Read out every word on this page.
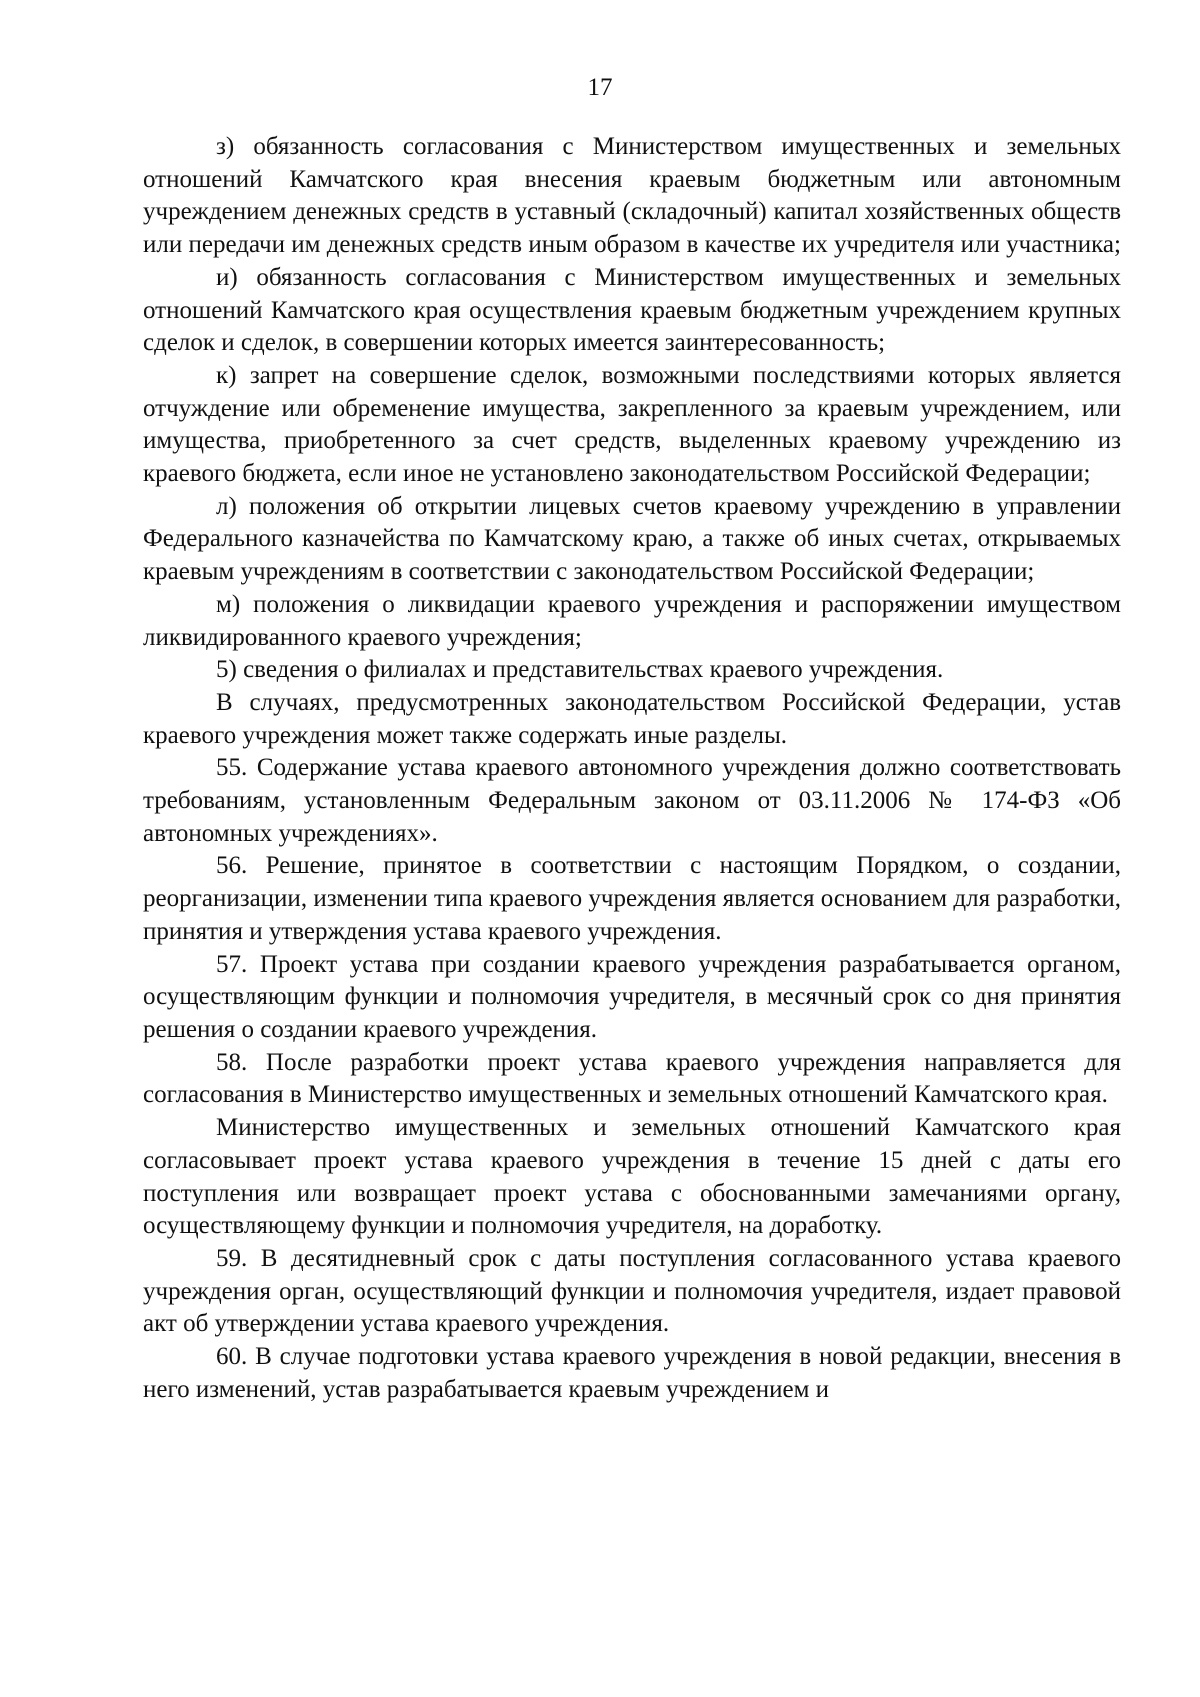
17

з) обязанность согласования с Министерством имущественных и земельных отношений Камчатского края внесения краевым бюджетным или автономным учреждением денежных средств в уставный (складочный) капитал хозяйственных обществ или передачи им денежных средств иным образом в качестве их учредителя или участника;

и) обязанность согласования с Министерством имущественных и земельных отношений Камчатского края осуществления краевым бюджетным учреждением крупных сделок и сделок, в совершении которых имеется заинтересованность;

к) запрет на совершение сделок, возможными последствиями которых является отчуждение или обременение имущества, закрепленного за краевым учреждением, или имущества, приобретенного за счет средств, выделенных краевому учреждению из краевого бюджета, если иное не установлено законодательством Российской Федерации;

л) положения об открытии лицевых счетов краевому учреждению в управлении Федерального казначейства по Камчатскому краю, а также об иных счетах, открываемых краевым учреждениям в соответствии с законодательством Российской Федерации;

м) положения о ликвидации краевого учреждения и распоряжении имуществом ликвидированного краевого учреждения;

5) сведения о филиалах и представительствах краевого учреждения.

В случаях, предусмотренных законодательством Российской Федерации, устав краевого учреждения может также содержать иные разделы.

55. Содержание устава краевого автономного учреждения должно соответствовать требованиям, установленным Федеральным законом от 03.11.2006 № 174-ФЗ «Об автономных учреждениях».

56. Решение, принятое в соответствии с настоящим Порядком, о создании, реорганизации, изменении типа краевого учреждения является основанием для разработки, принятия и утверждения устава краевого учреждения.

57. Проект устава при создании краевого учреждения разрабатывается органом, осуществляющим функции и полномочия учредителя, в месячный срок со дня принятия решения о создании краевого учреждения.

58. После разработки проект устава краевого учреждения направляется для согласования в Министерство имущественных и земельных отношений Камчатского края.

Министерство имущественных и земельных отношений Камчатского края согласовывает проект устава краевого учреждения в течение 15 дней с даты его поступления или возвращает проект устава с обоснованными замечаниями органу, осуществляющему функции и полномочия учредителя, на доработку.

59. В десятидневный срок с даты поступления согласованного устава краевого учреждения орган, осуществляющий функции и полномочия учредителя, издает правовой акт об утверждении устава краевого учреждения.

60. В случае подготовки устава краевого учреждения в новой редакции, внесения в него изменений, устав разрабатывается краевым учреждением и
